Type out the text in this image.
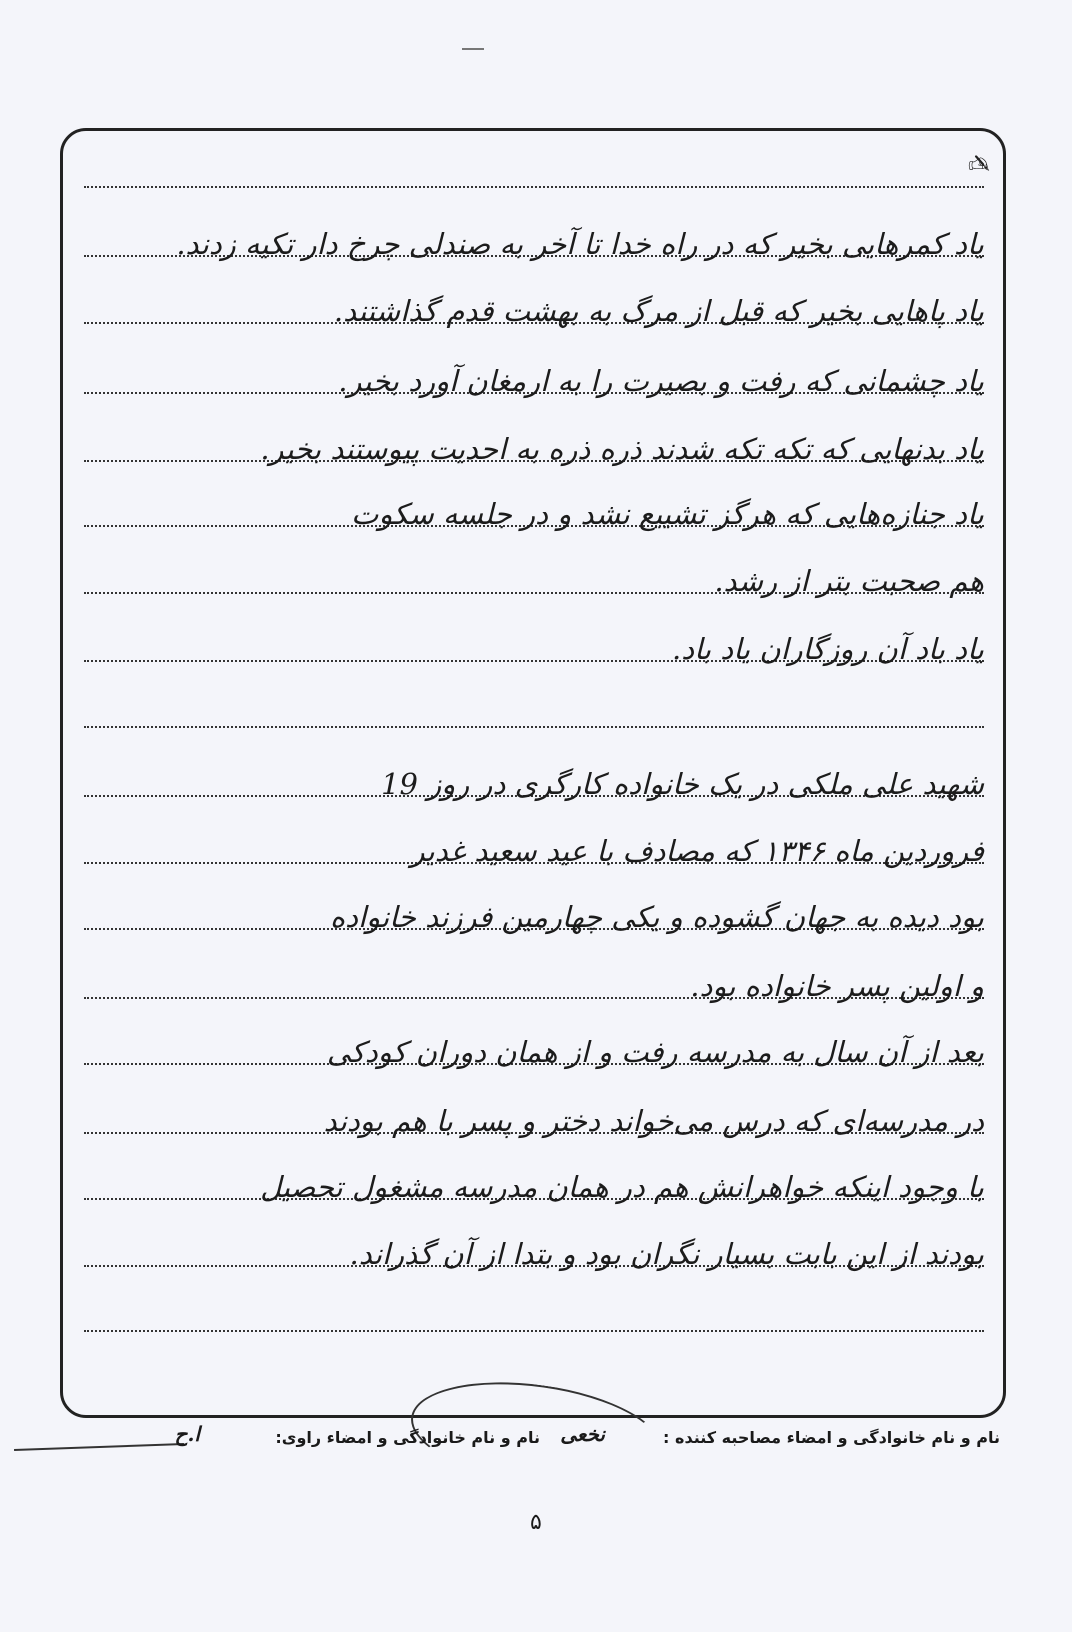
✍
یاد کمرهایی بخیر که در راه خدا تا آخر به صندلی چرخ دار تکیه زدند.
یاد پاهایی بخیر که قبل از مرگ به بهشت قدم گذاشتند.
یاد چشمانی که رفت و بصیرت را به ارمغان آورد بخیر.
یاد بدنهایی که تکه تکه شدند ذره ذره به احدیت پیوستند بخیر.
یاد جنازه‌هایی که هرگز تشییع نشد و در جلسه سکوت
هم صحبت بتر از رشد.
یاد باد آن روزگاران یاد باد.
شهید علی ملکی در یک خانواده کارگری در روز 19
فروردین ماه ۱۳۴۶ که مصادف با عید سعید غدیر
بود دیده به جهان گشوده و یکی چهارمین فرزند خانواده
و اولین پسر خانواده بود.
بعد از آن سال به مدرسه رفت و از همان دوران کودکی
در مدرسه‌ای که درس می‌خواند دختر و پسر با هم بودند
با وجود اینکه خواهرانش هم در همان مدرسه مشغول تحصیل
بودند از این بابت بسیار نگران بود و بتدا از آن گذراند.
نام و نام خانوادگی و امضاء مصاحبه کننده :
نخعی
نام و نام خانوادگی و امضاء راوی:
ا.ح
۵
